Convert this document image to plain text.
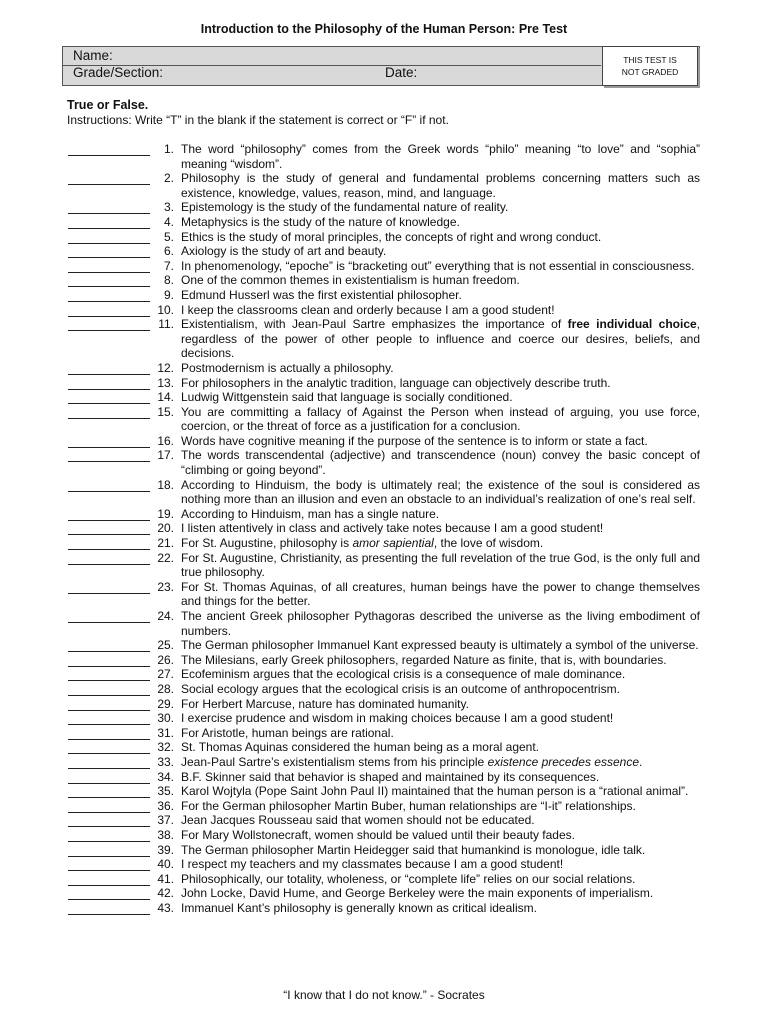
Introduction to the Philosophy of the Human Person: Pre Test
Name:
Grade/Section:	Date:
THIS TEST IS
NOT GRADED
True or False.
Instructions: Write “T” in the blank if the statement is correct or “F” if not.
1. The word “philosophy” comes from the Greek words “philo” meaning “to love” and “sophia” meaning “wisdom”.
2. Philosophy is the study of general and fundamental problems concerning matters such as existence, knowledge, values, reason, mind, and language.
3. Epistemology is the study of the fundamental nature of reality.
4. Metaphysics is the study of the nature of knowledge.
5. Ethics is the study of moral principles, the concepts of right and wrong conduct.
6. Axiology is the study of art and beauty.
7. In phenomenology, “epoche” is “bracketing out” everything that is not essential in consciousness.
8. One of the common themes in existentialism is human freedom.
9. Edmund Husserl was the first existential philosopher.
10. I keep the classrooms clean and orderly because I am a good student!
11. Existentialism, with Jean-Paul Sartre emphasizes the importance of free individual choice, regardless of the power of other people to influence and coerce our desires, beliefs, and decisions.
12. Postmodernism is actually a philosophy.
13. For philosophers in the analytic tradition, language can objectively describe truth.
14. Ludwig Wittgenstein said that language is socially conditioned.
15. You are committing a fallacy of Against the Person when instead of arguing, you use force, coercion, or the threat of force as a justification for a conclusion.
16. Words have cognitive meaning if the purpose of the sentence is to inform or state a fact.
17. The words transcendental (adjective) and transcendence (noun) convey the basic concept of “climbing or going beyond”.
18. According to Hinduism, the body is ultimately real; the existence of the soul is considered as nothing more than an illusion and even an obstacle to an individual’s realization of one’s real self.
19. According to Hinduism, man has a single nature.
20. I listen attentively in class and actively take notes because I am a good student!
21. For St. Augustine, philosophy is amor sapiential, the love of wisdom.
22. For St. Augustine, Christianity, as presenting the full revelation of the true God, is the only full and true philosophy.
23. For St. Thomas Aquinas, of all creatures, human beings have the power to change themselves and things for the better.
24. The ancient Greek philosopher Pythagoras described the universe as the living embodiment of numbers.
25. The German philosopher Immanuel Kant expressed beauty is ultimately a symbol of the universe.
26. The Milesians, early Greek philosophers, regarded Nature as finite, that is, with boundaries.
27. Ecofeminism argues that the ecological crisis is a consequence of male dominance.
28. Social ecology argues that the ecological crisis is an outcome of anthropocentrism.
29. For Herbert Marcuse, nature has dominated humanity.
30. I exercise prudence and wisdom in making choices because I am a good student!
31. For Aristotle, human beings are rational.
32. St. Thomas Aquinas considered the human being as a moral agent.
33. Jean-Paul Sartre’s existentialism stems from his principle existence precedes essence.
34. B.F. Skinner said that behavior is shaped and maintained by its consequences.
35. Karol Wojtyla (Pope Saint John Paul II) maintained that the human person is a “rational animal”.
36. For the German philosopher Martin Buber, human relationships are “I-it” relationships.
37. Jean Jacques Rousseau said that women should not be educated.
38. For Mary Wollstonecraft, women should be valued until their beauty fades.
39. The German philosopher Martin Heidegger said that humankind is monologue, idle talk.
40. I respect my teachers and my classmates because I am a good student!
41. Philosophically, our totality, wholeness, or “complete life” relies on our social relations.
42. John Locke, David Hume, and George Berkeley were the main exponents of imperialism.
43. Immanuel Kant’s philosophy is generally known as critical idealism.
“I know that I do not know.” - Socrates
